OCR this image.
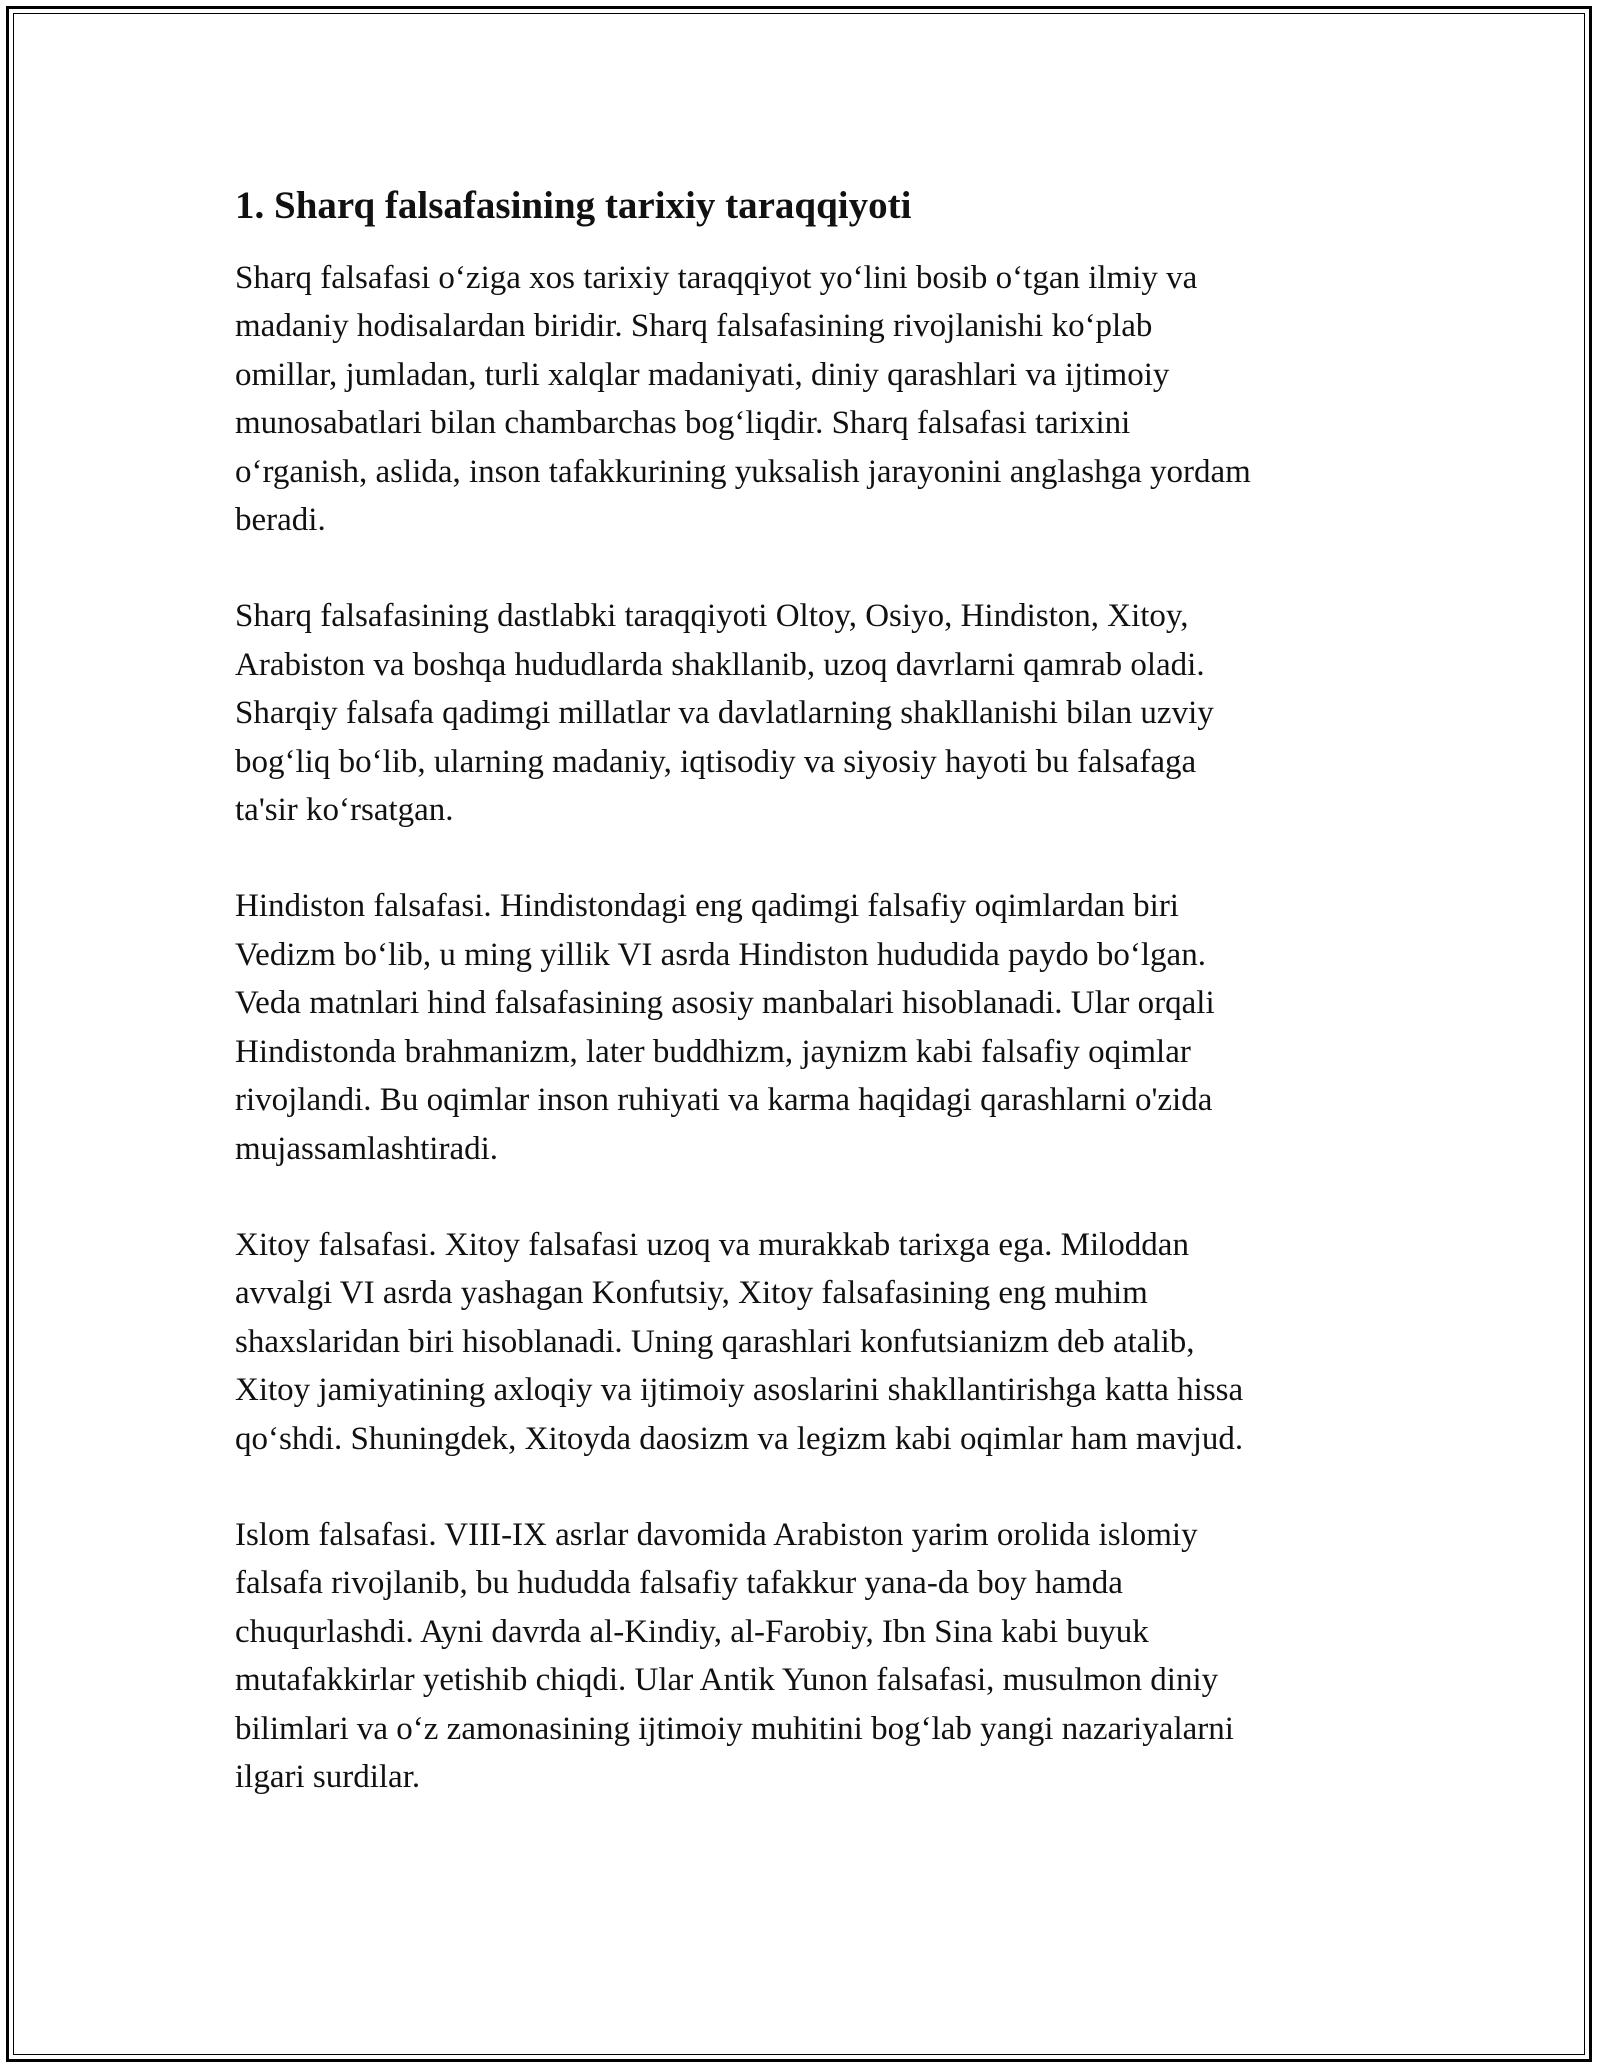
1. Sharq falsafasining tarixiy taraqqiyoti

Sharq falsafasi o‘ziga xos tarixiy taraqqiyot yo‘lini bosib o‘tgan ilmiy va
madaniy hodisalardan biridir. Sharq falsafasining rivojlanishi ko‘plab
omillar, jumladan, turli xalqlar madaniyati, diniy qarashlari va ijtimoiy
munosabatlari bilan chambarchas bog‘liqdir. Sharq falsafasi tarixini
o‘rganish, aslida, inson tafakkurining yuksalish jarayonini anglashga yordam
beradi.

Sharq falsafasining dastlabki taraqqiyoti Oltoy, Osiyo, Hindiston, Xitoy,
Arabiston va boshqa hududlarda shakllanib, uzoq davrlarni qamrab oladi.
Sharqiy falsafa qadimgi millatlar va davlatlarning shakllanishi bilan uzviy
bog‘liq bo‘lib, ularning madaniy, iqtisodiy va siyosiy hayoti bu falsafaga
ta'sir ko‘rsatgan.

Hindiston falsafasi. Hindistondagi eng qadimgi falsafiy oqimlardan biri
Vedizm bo‘lib, u ming yillik VI asrda Hindiston hududida paydo bo‘lgan.
Veda matnlari hind falsafasining asosiy manbalari hisoblanadi. Ular orqali
Hindistonda brahmanizm, later buddhizm, jaynizm kabi falsafiy oqimlar
rivojlandi. Bu oqimlar inson ruhiyati va karma haqidagi qarashlarni o'zida
mujassamlashtiradi.

Xitoy falsafasi. Xitoy falsafasi uzoq va murakkab tarixga ega. Miloddan
avvalgi VI asrda yashagan Konfutsiy, Xitoy falsafasining eng muhim
shaxslaridan biri hisoblanadi. Uning qarashlari konfutsianizm deb atalib,
Xitoy jamiyatining axloqiy va ijtimoiy asoslarini shakllantirishga katta hissa
qo‘shdi. Shuningdek, Xitoyda daosizm va legizm kabi oqimlar ham mavjud.

Islom falsafasi. VIII-IX asrlar davomida Arabiston yarim orolida islomiy
falsafa rivojlanib, bu hududda falsafiy tafakkur yana-da boy hamda
chuqurlashdi. Ayni davrda al-Kindiy, al-Farobiy, Ibn Sina kabi buyuk
mutafakkirlar yetishib chiqdi. Ular Antik Yunon falsafasi, musulmon diniy
bilimlari va o‘z zamonasining ijtimoiy muhitini bog‘lab yangi nazariyalarni
ilgari surdilar.
